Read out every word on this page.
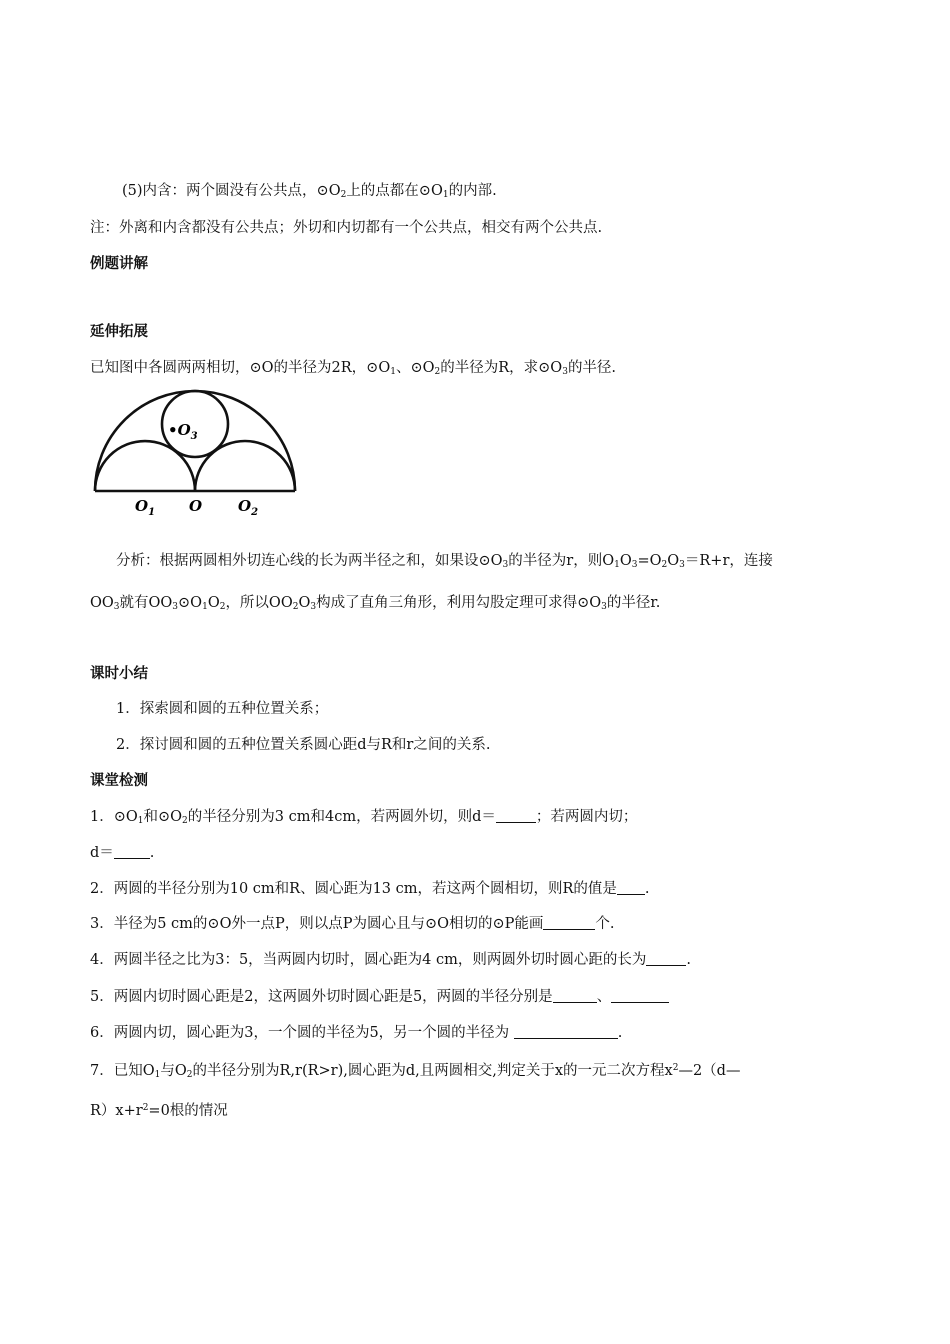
(5)内含：两个圆没有公共点，$⊙O_2$上的点都在$⊙O_1$的内部.
注：外离和内含都没有公共点；外切和内切都有一个公共点，相交有两个公共点.
例题讲解
延伸拓展
已知图中各圆两两相切，⊙O的半径为2R，$⊙O_1$、$⊙O_2$的半径为R，求$⊙O_3$的半径.
$•O_3$
$O_1$ O $O_2$
分析：根据两圆相外切连心线的长为两半径之和，如果设$⊙O_3$的半径为r，则$O_1O_3=O_2O_3=R+r$，连接
$OO_3$就有$OO_3⊙O_1O_2$，所以$OO_2O_3$构成了直角三角形，利用勾股定理可求得$⊙O_3$的半径r.
课时小结
1．探索圆和圆的五种位置关系；
2．探讨圆和圆的五种位置关系圆心距d与R和r之间的关系.
课堂检测
1．$⊙O_1$和$⊙O_2$的半径分别为3 cm和4cm，若两圆外切，则d＝	；若两圆内切；
d＝ .
2．两圆的半径分别为10 cm和R、圆心距为13 cm，若这两个圆相切，则R的值是 .
3．半径为5 cm的⊙O外一点P，则以点P为圆心且与⊙O相切的⊙P能画	个.
4．两圆半径之比为3：5，当两圆内切时，圆心距为4 cm，则两圆外切时圆心距的长为	.
5．两圆内切时圆心距是2，这两圆外切时圆心距是5，两圆的半径分别是	、
6．两圆内切，圆心距为3，一个圆的半径为5，另一个圆的半径为	.
7．已知$O_1$与$O_2$的半径分别为R,r(R>r),圆心距为d,且两圆相交,判定关于x的一元二次方程$x^2—2(d—$
$R)x+r^2=0$根的情况
